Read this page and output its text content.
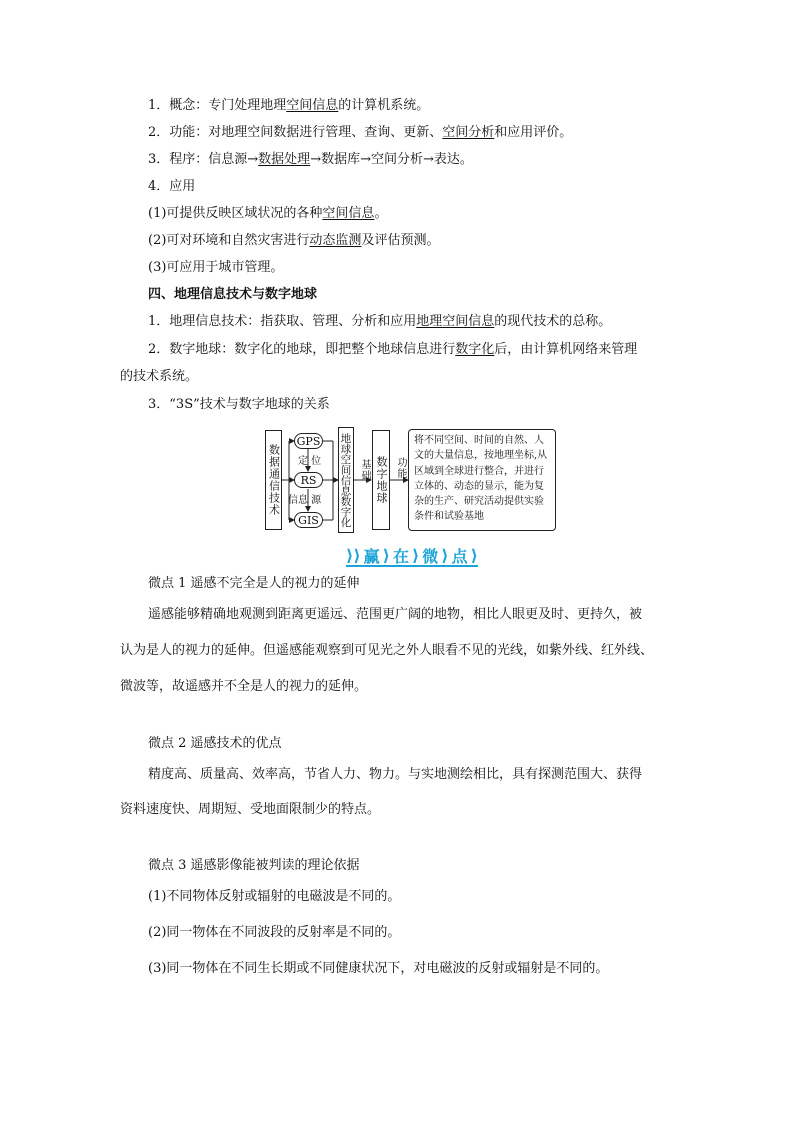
1．概念：专门处理地理空间信息的计算机系统。
2．功能：对地理空间数据进行管理、查询、更新、空间分析和应用评价。
3．程序：信息源→数据处理→数据库→空间分析→表达。
4．应用
(1)可提供反映区域状况的各种空间信息。
(2)可对环境和自然灾害进行动态监测及评估预测。
(3)可应用于城市管理。
四、地理信息技术与数字地球
1．地理信息技术：指获取、管理、分析和应用地理空间信息的现代技术的总称。
2．数字地球：数字化的地球，即把整个地球信息进行数字化后，由计算机网络来管理
的技术系统。
3．“3S”技术与数字地球的关系
数据通信技术
GPS
RS
GIS
定 位
信息 源 地球空间信息数字化 基础 数字地球 功能
将不同空间、时间的自然、人文的大量信息，按地理坐标,从区域到全球进行整合，并进行立体的、动态的显示，能为复杂的生产、研究活动提供实验条件和试验基地
⟩⟩ 赢 ⟩ 在 ⟩ 微 ⟩ 点 ⟩
微点 1 遥感不完全是人的视力的延伸
遥感能够精确地观测到距离更遥远、范围更广阔的地物，相比人眼更及时、更持久，被
认为是人的视力的延伸。但遥感能观察到可见光之外人眼看不见的光线，如紫外线、红外线、
微波等，故遥感并不全是人的视力的延伸。
微点 2 遥感技术的优点
精度高、质量高、效率高，节省人力、物力。与实地测绘相比，具有探测范围大、获得
资料速度快、周期短、受地面限制少的特点。
微点 3 遥感影像能被判读的理论依据
(1)不同物体反射或辐射的电磁波是不同的。
(2)同一物体在不同波段的反射率是不同的。
(3)同一物体在不同生长期或不同健康状况下，对电磁波的反射或辐射是不同的。
